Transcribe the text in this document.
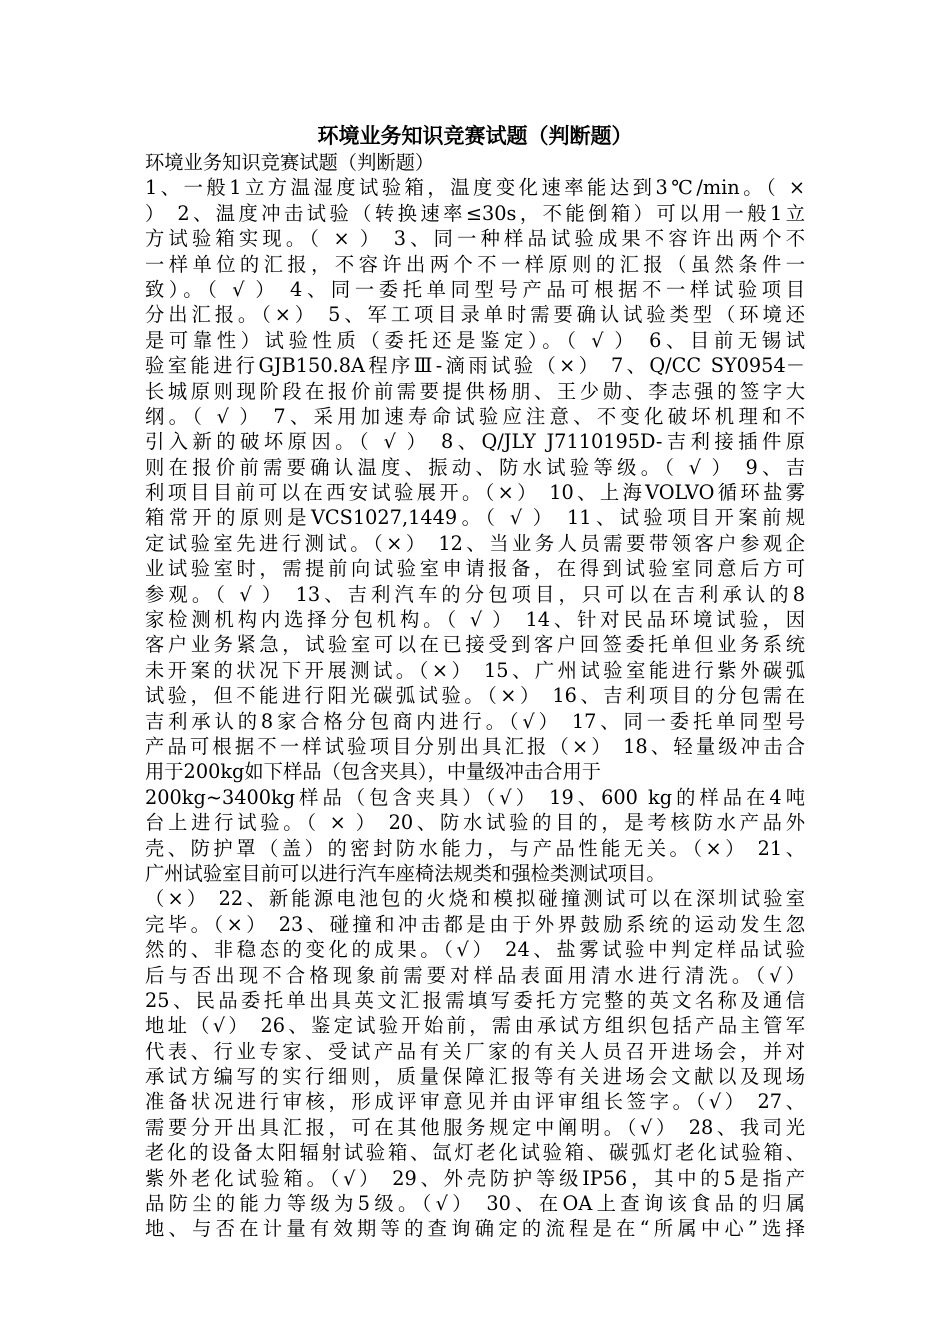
环境业务知识竞赛试题（判断题）
环境业务知识竞赛试题（判断题）
1、一般1立方温湿度试验箱，温度变化速率能达到3℃/min。（ ×
） 2、温度冲击试验（转换速率≤30s，不能倒箱）可以用一般1立
方试验箱实现。（ × ） 3、同一种样品试验成果不容许出两个不
一样单位的汇报，不容许出两个不一样原则的汇报（虽然条件一
致）。（ √ ） 4、同一委托单同型号产品可根据不一样试验项目
分出汇报。（×） 5、军工项目录单时需要确认试验类型（环境还
是可靠性）试验性质（委托还是鉴定）。（ √ ） 6、目前无锡试
验室能进行GJB150.8A程序Ⅲ-滴雨试验（×） 7、Q/CC SY0954－
长城原则现阶段在报价前需要提供杨朋、王少勋、李志强的签字大
纲。（ √ ） 7、采用加速寿命试验应注意、不变化破坏机理和不
引入新的破坏原因。（ √ ） 8、Q/JLY J7110195D-吉利接插件原
则在报价前需要确认温度、振动、防水试验等级。（ √ ） 9、吉
利项目目前可以在西安试验展开。（×） 10、上海VOLVO循环盐雾
箱常开的原则是VCS1027,1449。（ √ ） 11、试验项目开案前规
定试验室先进行测试。（×） 12、当业务人员需要带领客户参观企
业试验室时，需提前向试验室申请报备，在得到试验室同意后方可
参观。（ √ ） 13、吉利汽车的分包项目，只可以在吉利承认的8
家检测机构内选择分包机构。（ √ ） 14、针对民品环境试验，因
客户业务紧急，试验室可以在已接受到客户回签委托单但业务系统
未开案的状况下开展测试。（×） 15、广州试验室能进行紫外碳弧
试验，但不能进行阳光碳弧试验。（×） 16、吉利项目的分包需在
吉利承认的8家合格分包商内进行。（√） 17、同一委托单同型号
产品可根据不一样试验项目分别出具汇报（×） 18、轻量级冲击合
用于200kg如下样品（包含夹具），中量级冲击合用于
200kg~3400kg样品（包含夹具）（√） 19、600 kg的样品在4吨
台上进行试验。（ × ） 20、防水试验的目的，是考核防水产品外
壳、防护罩（盖）的密封防水能力，与产品性能无关。（×） 21、
广州试验室目前可以进行汽车座椅法规类和强检类测试项目。
（×） 22、新能源电池包的火烧和模拟碰撞测试可以在深圳试验室
完毕。（×） 23、碰撞和冲击都是由于外界鼓励系统的运动发生忽
然的、非稳态的变化的成果。（√） 24、盐雾试验中判定样品试验
后与否出现不合格现象前需要对样品表面用清水进行清洗。（√）
25、民品委托单出具英文汇报需填写委托方完整的英文名称及通信
地址（√） 26、鉴定试验开始前，需由承试方组织包括产品主管军
代表、行业专家、受试产品有关厂家的有关人员召开进场会，并对
承试方编写的实行细则，质量保障汇报等有关进场会文献以及现场
准备状况进行审核，形成评审意见并由评审组长签字。（√） 27、
需要分开出具汇报，可在其他服务规定中阐明。（√） 28、我司光
老化的设备太阳辐射试验箱、氙灯老化试验箱、碳弧灯老化试验箱、
紫外老化试验箱。（√） 29、外壳防护等级IP56，其中的5是指产
品防尘的能力等级为5级。（√） 30、在OA上查询该食品的归属
地、与否在计量有效期等的查询确定的流程是在“所属中心”选择
